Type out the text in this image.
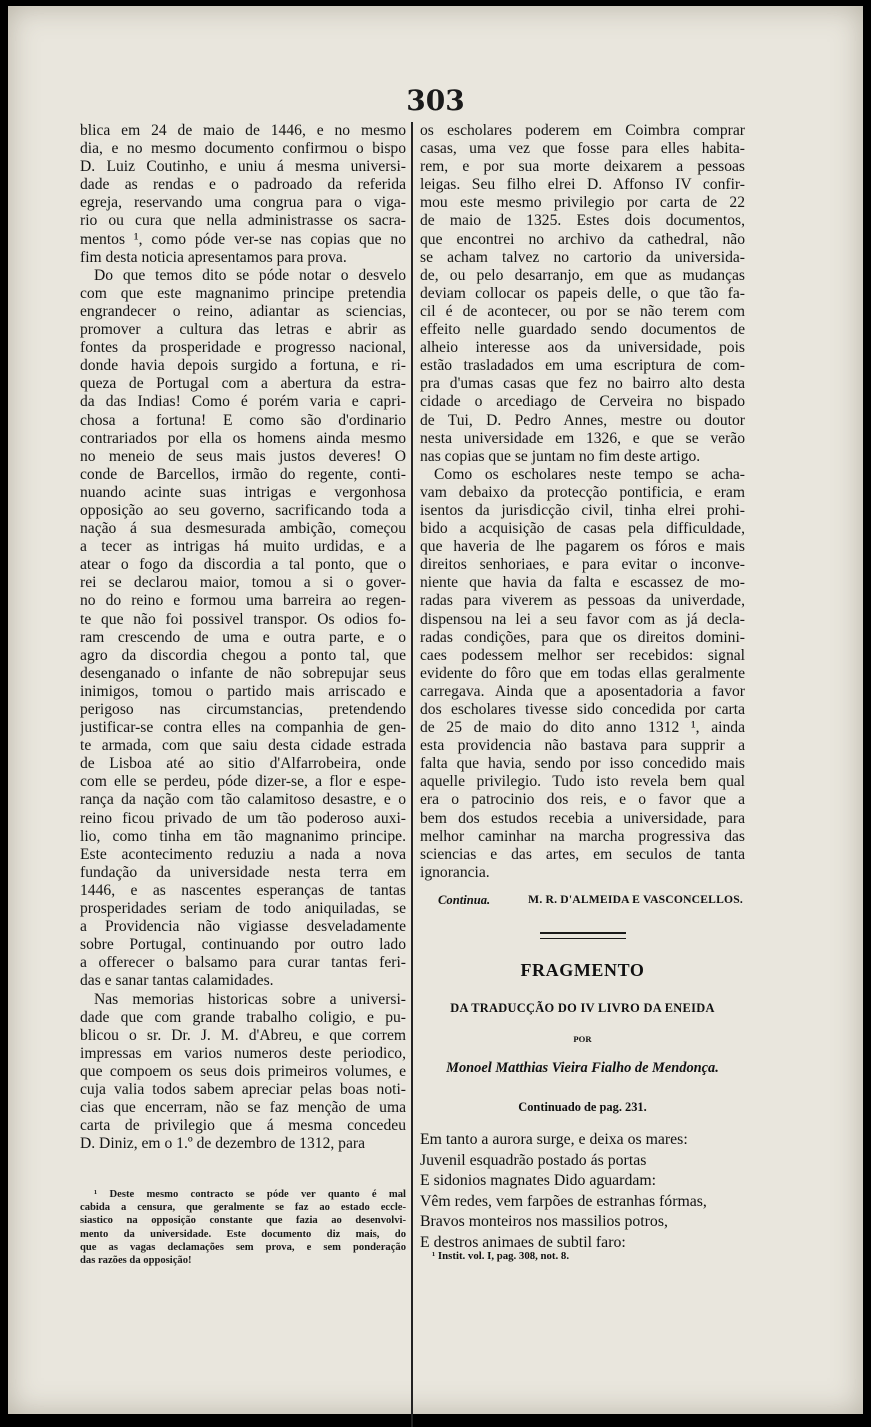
303
blica em 24 de maio de 1446, e no mesmo
dia, e no mesmo documento confirmou o bispo
D. Luiz Coutinho, e uniu á mesma universi-
dade as rendas e o padroado da referida
egreja, reservando uma congrua para o viga-
rio ou cura que nella administrasse os sacra-
mentos ¹, como póde ver-se nas copias que no
fim desta noticia apresentamos para prova.
Do que temos dito se póde notar o desvelo
com que este magnanimo principe pretendia
engrandecer o reino, adiantar as sciencias,
promover a cultura das letras e abrir as
fontes da prosperidade e progresso nacional,
donde havia depois surgido a fortuna, e ri-
queza de Portugal com a abertura da estra-
da das Indias! Como é porém varia e capri-
chosa a fortuna! E como são d'ordinario
contrariados por ella os homens ainda mesmo
no meneio de seus mais justos deveres! O
conde de Barcellos, irmão do regente, conti-
nuando acinte suas intrigas e vergonhosa
opposição ao seu governo, sacrificando toda a
nação á sua desmesurada ambição, começou
a tecer as intrigas há muito urdidas, e a
atear o fogo da discordia a tal ponto, que o
rei se declarou maior, tomou a si o gover-
no do reino e formou uma barreira ao regen-
te que não foi possivel transpor. Os odios fo-
ram crescendo de uma e outra parte, e o
agro da discordia chegou a ponto tal, que
desenganado o infante de não sobrepujar seus
inimigos, tomou o partido mais arriscado e
perigoso nas circumstancias, pretendendo
justificar-se contra elles na companhia de gen-
te armada, com que saiu desta cidade estrada
de Lisboa até ao sitio d'Alfarrobeira, onde
com elle se perdeu, póde dizer-se, a flor e espe-
rança da nação com tão calamitoso desastre, e o
reino ficou privado de um tão poderoso auxi-
lio, como tinha em tão magnanimo principe.
Este acontecimento reduziu a nada a nova
fundação da universidade nesta terra em
1446, e as nascentes esperanças de tantas
prosperidades seriam de todo aniquiladas, se
a Providencia não vigiasse desveladamente
sobre Portugal, continuando por outro lado
a offerecer o balsamo para curar tantas feri-
das e sanar tantas calamidades.
Nas memorias historicas sobre a universi-
dade que com grande trabalho coligio, e pu-
blicou o sr. Dr. J. M. d'Abreu, e que correm
impressas em varios numeros deste periodico,
que compoem os seus dois primeiros volumes, e
cuja valia todos sabem apreciar pelas boas noti-
cias que encerram, não se faz menção de uma
carta de privilegio que á mesma concedeu
D. Diniz, em o 1.º de dezembro de 1312, para
¹ Deste mesmo contracto se póde ver quanto é mal
cabida a censura, que geralmente se faz ao estado eccle-
siastico na opposição constante que fazia ao desenvolvi-
mento da universidade. Este documento diz mais, do
que as vagas declamações sem prova, e sem ponderação
das razões da opposição!
os escholares poderem em Coimbra comprar
casas, uma vez que fosse para elles habita-
rem, e por sua morte deixarem a pessoas
leigas. Seu filho elrei D. Affonso IV confir-
mou este mesmo privilegio por carta de 22
de maio de 1325. Estes dois documentos,
que encontrei no archivo da cathedral, não
se acham talvez no cartorio da universida-
de, ou pelo desarranjo, em que as mudanças
deviam collocar os papeis delle, o que tão fa-
cil é de acontecer, ou por se não terem com
effeito nelle guardado sendo documentos de
alheio interesse aos da universidade, pois
estão trasladados em uma escriptura de com-
pra d'umas casas que fez no bairro alto desta
cidade o arcediago de Cerveira no bispado
de Tui, D. Pedro Annes, mestre ou doutor
nesta universidade em 1326, e que se verão
nas copias que se juntam no fim deste artigo.
Como os escholares neste tempo se acha-
vam debaixo da protecção pontificia, e eram
isentos da jurisdicção civil, tinha elrei prohi-
bido a acquisição de casas pela difficuldade,
que haveria de lhe pagarem os fóros e mais
direitos senhoriaes, e para evitar o inconve-
niente que havia da falta e escassez de mo-
radas para viverem as pessoas da univerdade,
dispensou na lei a seu favor com as já decla-
radas condições, para que os direitos domini-
caes podessem melhor ser recebidos: signal
evidente do fôro que em todas ellas geralmente
carregava. Ainda que a aposentadoria a favor
dos escholares tivesse sido concedida por carta
de 25 de maio do dito anno 1312 ¹, ainda
esta providencia não bastava para supprir a
falta que havia, sendo por isso concedido mais
aquelle privilegio. Tudo isto revela bem qual
era o patrocinio dos reis, e o favor que a
bem dos estudos recebia a universidade, para
melhor caminhar na marcha progressiva das
sciencias e das artes, em seculos de tanta
ignorancia.
Continua.	M. R. D'ALMEIDA E VASCONCELLOS.
FRAGMENTO
DA TRADUCÇÃO DO IV LIVRO DA ENEIDA
POR
Monoel Matthias Vieira Fialho de Mendonça.
Continuado de pag. 231.
Em tanto a aurora surge, e deixa os mares:
Juvenil esquadrão postado ás portas
E sidonios magnates Dido aguardam:
Vêm redes, vem farpões de estranhas fórmas,
Bravos monteiros nos massilios potros,
E destros animaes de subtil faro:
¹ Instit. vol. I, pag. 308, not. 8.
